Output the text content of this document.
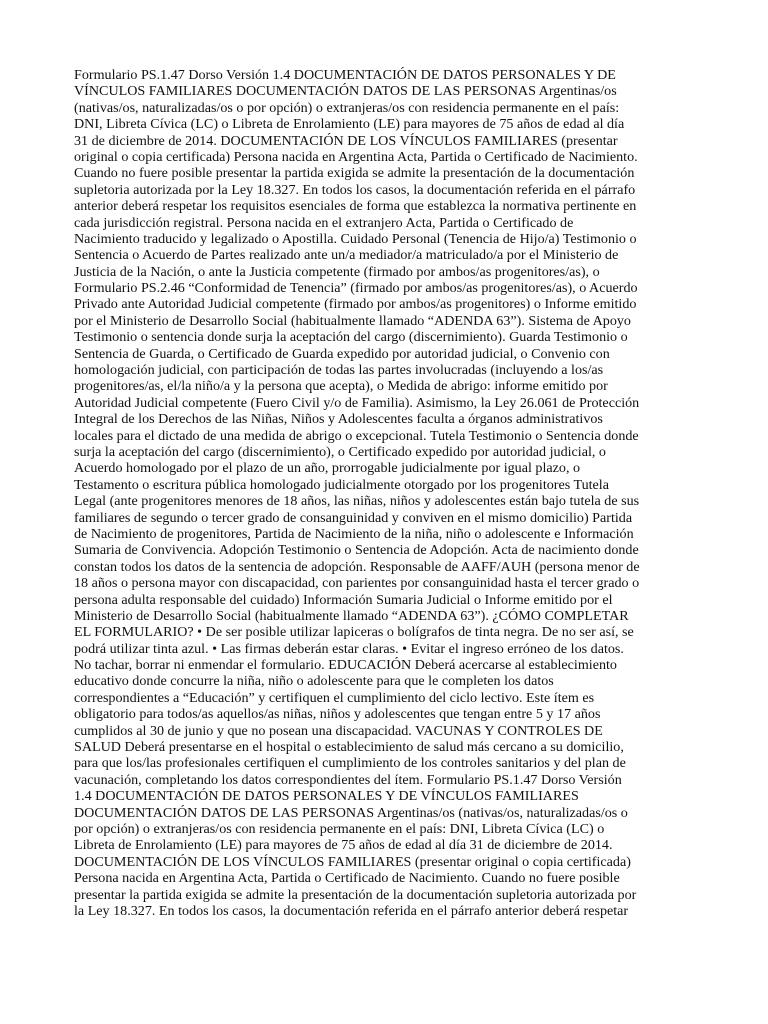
Formulario PS.1.47 Dorso Versión 1.4 DOCUMENTACIÓN DE DATOS PERSONALES Y DE
VÍNCULOS FAMILIARES DOCUMENTACIÓN DATOS DE LAS PERSONAS Argentinas/os
(nativas/os, naturalizadas/os o por opción) o extranjeras/os con residencia permanente en el país:
DNI, Libreta Cívica (LC) o Libreta de Enrolamiento (LE) para mayores de 75 años de edad al día
31 de diciembre de 2014. DOCUMENTACIÓN DE LOS VÍNCULOS FAMILIARES (presentar
original o copia certificada) Persona nacida en Argentina Acta, Partida o Certificado de Nacimiento.
Cuando no fuere posible presentar la partida exigida se admite la presentación de la documentación
supletoria autorizada por la Ley 18.327. En todos los casos, la documentación referida en el párrafo
anterior deberá respetar los requisitos esenciales de forma que establezca la normativa pertinente en
cada jurisdicción registral. Persona nacida en el extranjero Acta, Partida o Certificado de
Nacimiento traducido y legalizado o Apostilla. Cuidado Personal (Tenencia de Hijo/a) Testimonio o
Sentencia o Acuerdo de Partes realizado ante un/a mediador/a matriculado/a por el Ministerio de
Justicia de la Nación, o ante la Justicia competente (firmado por ambos/as progenitores/as), o
Formulario PS.2.46 “Conformidad de Tenencia” (firmado por ambos/as progenitores/as), o Acuerdo
Privado ante Autoridad Judicial competente (firmado por ambos/as progenitores) o Informe emitido
por el Ministerio de Desarrollo Social (habitualmente llamado “ADENDA 63”). Sistema de Apoyo
Testimonio o sentencia donde surja la aceptación del cargo (discernimiento). Guarda Testimonio o
Sentencia de Guarda, o Certificado de Guarda expedido por autoridad judicial, o Convenio con
homologación judicial, con participación de todas las partes involucradas (incluyendo a los/as
progenitores/as, el/la niño/a y la persona que acepta), o Medida de abrigo: informe emitido por
Autoridad Judicial competente (Fuero Civil y/o de Familia). Asimismo, la Ley 26.061 de Protección
Integral de los Derechos de las Niñas, Niños y Adolescentes faculta a órganos administrativos
locales para el dictado de una medida de abrigo o excepcional. Tutela Testimonio o Sentencia donde
surja la aceptación del cargo (discernimiento), o Certificado expedido por autoridad judicial, o
Acuerdo homologado por el plazo de un año, prorrogable judicialmente por igual plazo, o
Testamento o escritura pública homologado judicialmente otorgado por los progenitores Tutela
Legal (ante progenitores menores de 18 años, las niñas, niños y adolescentes están bajo tutela de sus
familiares de segundo o tercer grado de consanguinidad y conviven en el mismo domicilio) Partida
de Nacimiento de progenitores, Partida de Nacimiento de la niña, niño o adolescente e Información
Sumaria de Convivencia. Adopción Testimonio o Sentencia de Adopción. Acta de nacimiento donde
constan todos los datos de la sentencia de adopción. Responsable de AAFF/AUH (persona menor de
18 años o persona mayor con discapacidad, con parientes por consanguinidad hasta el tercer grado o
persona adulta responsable del cuidado) Información Sumaria Judicial o Informe emitido por el
Ministerio de Desarrollo Social (habitualmente llamado “ADENDA 63”). ¿CÓMO COMPLETAR
EL FORMULARIO? • De ser posible utilizar lapiceras o bolígrafos de tinta negra. De no ser así, se
podrá utilizar tinta azul. • Las firmas deberán estar claras. • Evitar el ingreso erróneo de los datos.
No tachar, borrar ni enmendar el formulario. EDUCACIÓN Deberá acercarse al establecimiento
educativo donde concurre la niña, niño o adolescente para que le completen los datos
correspondientes a “Educación” y certifiquen el cumplimiento del ciclo lectivo. Este ítem es
obligatorio para todos/as aquellos/as niñas, niños y adolescentes que tengan entre 5 y 17 años
cumplidos al 30 de junio y que no posean una discapacidad. VACUNAS Y CONTROLES DE
SALUD Deberá presentarse en el hospital o establecimiento de salud más cercano a su domicilio,
para que los/las profesionales certifiquen el cumplimiento de los controles sanitarios y del plan de
vacunación, completando los datos correspondientes del ítem. Formulario PS.1.47 Dorso Versión
1.4 DOCUMENTACIÓN DE DATOS PERSONALES Y DE VÍNCULOS FAMILIARES
DOCUMENTACIÓN DATOS DE LAS PERSONAS Argentinas/os (nativas/os, naturalizadas/os o
por opción) o extranjeras/os con residencia permanente en el país: DNI, Libreta Cívica (LC) o
Libreta de Enrolamiento (LE) para mayores de 75 años de edad al día 31 de diciembre de 2014.
DOCUMENTACIÓN DE LOS VÍNCULOS FAMILIARES (presentar original o copia certificada)
Persona nacida en Argentina Acta, Partida o Certificado de Nacimiento. Cuando no fuere posible
presentar la partida exigida se admite la presentación de la documentación supletoria autorizada por
la Ley 18.327. En todos los casos, la documentación referida en el párrafo anterior deberá respetar
